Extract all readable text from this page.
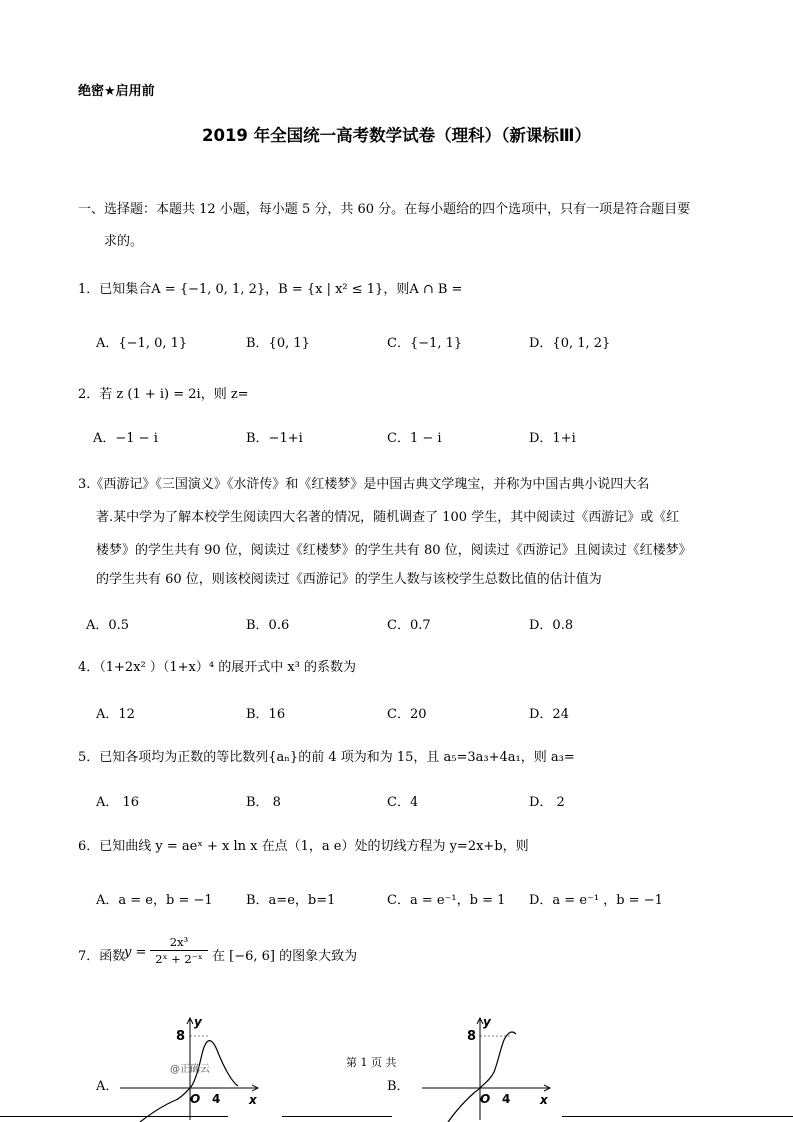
绝密★启用前
2019 年全国统一高考数学试卷（理科）（新课标Ⅲ）
一、选择题：本题共 12 小题，每小题 5 分，共 60 分。在每小题给的四个选项中，只有一项是符合题目要
求的。
1．已知集合A = {−1, 0, 1, 2}，B = {x | x² ≤ 1}，则A ∩ B =
A．{−1, 0, 1}	B．{0, 1}	C．{−1, 1}	D．{0, 1, 2}
2．若 z (1 + i) = 2i，则 z=
A．−1 − i	B．−1+i	C．1 − i	D．1+i
3.《西游记》《三国演义》《水浒传》和《红楼梦》是中国古典文学瑰宝，并称为中国古典小说四大名
著.某中学为了解本校学生阅读四大名著的情况，随机调查了 100 学生，其中阅读过《西游记》或《红
楼梦》的学生共有 90 位，阅读过《红楼梦》的学生共有 80 位，阅读过《西游记》且阅读过《红楼梦》
的学生共有 60 位，则该校阅读过《西游记》的学生人数与该校学生总数比值的估计值为
A．0.5	B．0.6	C．0.7	D．0.8
4．（1+2x² ）（1+x）⁴ 的展开式中 x³ 的系数为
A．12	B．16	C．20	D．24
5．已知各项均为正数的等比数列{aₙ}的前 4 项为和为 15，且 a₅=3a₃+4a₁，则 a₃=
A． 16	B． 8	C．4	D． 2
6．已知曲线 y = aeˣ + x ln x 在点（1，a e）处的切线方程为 y=2x+b，则
A．a = e，b = −1	B．a=e，b=1	C．a = e⁻¹，b = 1 D．a = e⁻¹ ，b = −1
7．函数
$y = \frac{\text{2x³}}{\text{2ˣ + 2⁻ˣ}}$ 在 [−6, 6] 的图象大致为
A．	B．
8
y
x
O 4
@正确云
8
y
x
O 4
第 1 页 共
